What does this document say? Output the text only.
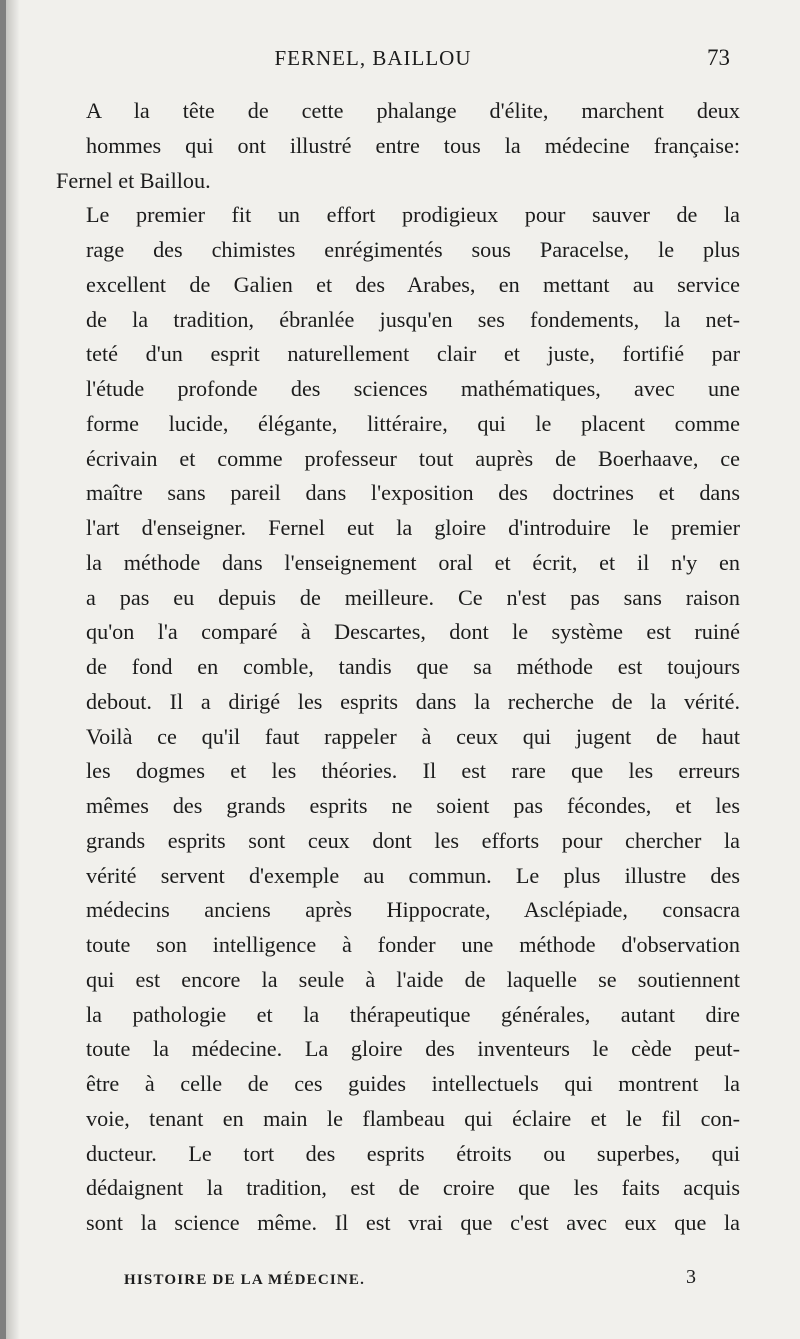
FERNEL, BAILLOU	73

A la tête de cette phalange d'élite, marchent deux
hommes qui ont illustré entre tous la médecine française:
Fernel et Baillou.

Le premier fit un effort prodigieux pour sauver de la
rage des chimistes enrégimentés sous Paracelse, le plus
excellent de Galien et des Arabes, en mettant au service
de la tradition, ébranlée jusqu'en ses fondements, la net-
teté d'un esprit naturellement clair et juste, fortifié par
l'étude profonde des sciences mathématiques, avec une
forme lucide, élégante, littéraire, qui le placent comme
écrivain et comme professeur tout auprès de Boerhaave, ce
maître sans pareil dans l'exposition des doctrines et dans
l'art d'enseigner. Fernel eut la gloire d'introduire le premier
la méthode dans l'enseignement oral et écrit, et il n'y en
a pas eu depuis de meilleure. Ce n'est pas sans raison
qu'on l'a comparé à Descartes, dont le système est ruiné
de fond en comble, tandis que sa méthode est toujours
debout. Il a dirigé les esprits dans la recherche de la vérité.

Voilà ce qu'il faut rappeler à ceux qui jugent de haut
les dogmes et les théories. Il est rare que les erreurs
mêmes des grands esprits ne soient pas fécondes, et les
grands esprits sont ceux dont les efforts pour chercher la
vérité servent d'exemple au commun. Le plus illustre des
médecins anciens après Hippocrate, Asclépiade, consacra
toute son intelligence à fonder une méthode d'observation
qui est encore la seule à l'aide de laquelle se soutiennent
la pathologie et la thérapeutique générales, autant dire
toute la médecine. La gloire des inventeurs le cède peut-
être à celle de ces guides intellectuels qui montrent la
voie, tenant en main le flambeau qui éclaire et le fil con-
ducteur. Le tort des esprits étroits ou superbes, qui
dédaignent la tradition, est de croire que les faits acquis
sont la science même. Il est vrai que c'est avec eux que la

HISTOIRE DE LA MÉDECINE.	3
